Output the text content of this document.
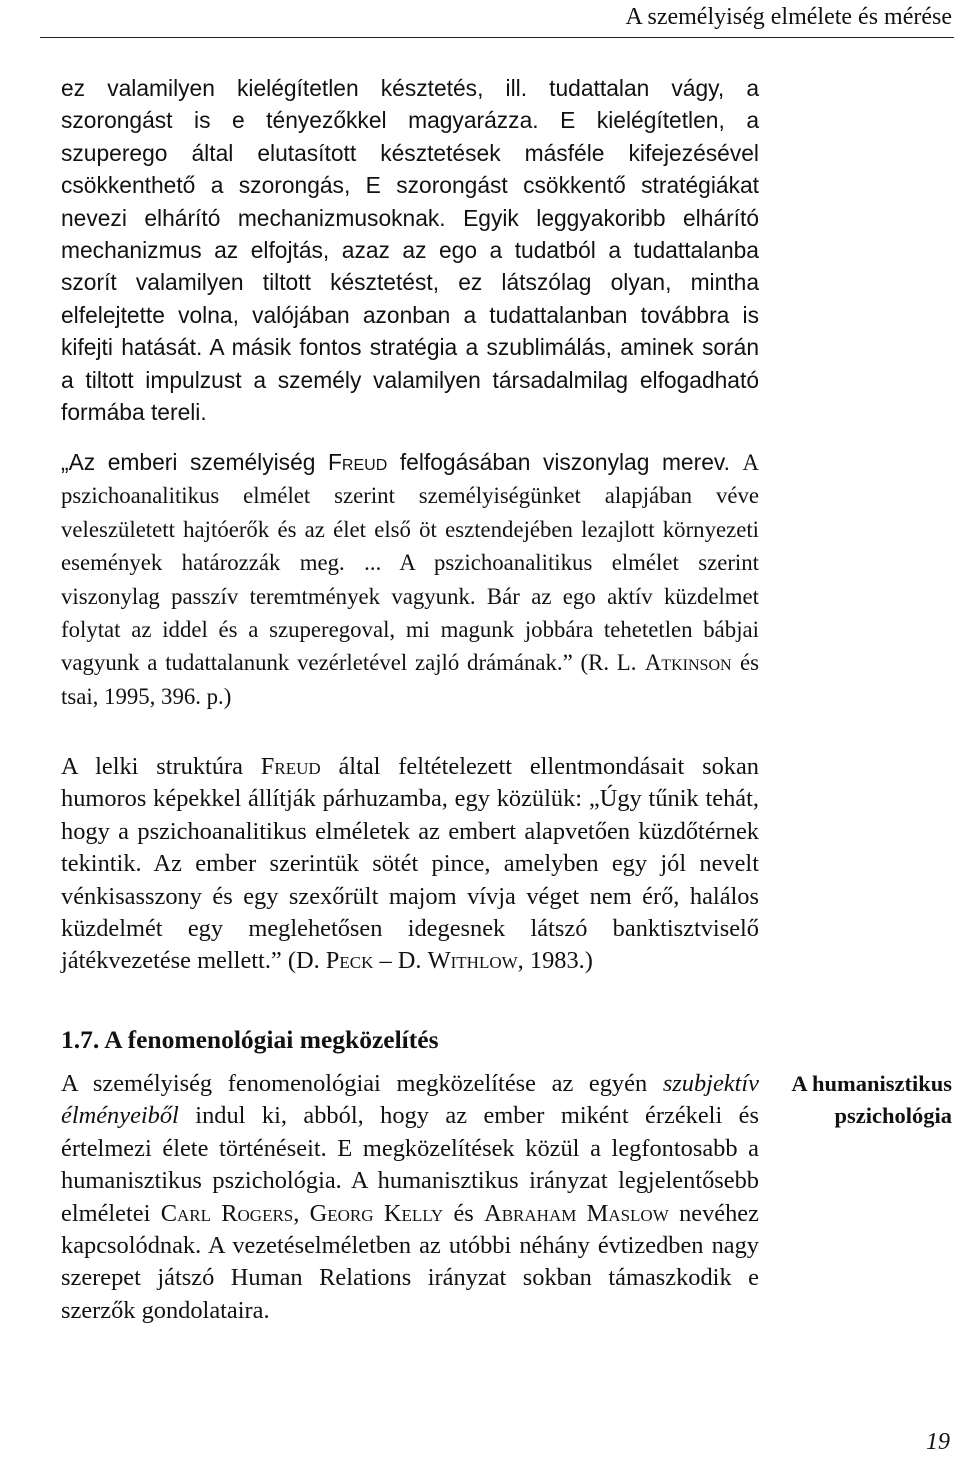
A személyiség elmélete és mérése

ez valamilyen kielégítetlen késztetés, ill. tudattalan vágy, a szorongást is e tényezőkkel magyarázza. E kielégítetlen, a szuperego által elutasított késztetések másféle kifejezésével csökkenthető a szorongás, E szorongást csökkentő stratégiákat nevezi elhárító mechanizmusoknak. Egyik leggyakoribb elhárító mechanizmus az elfojtás, azaz az ego a tudatból a tudattalanba szorít valamilyen tiltott késztetést, ez látszólag olyan, mintha elfelejtette volna, valójában azonban a tudattalanban továbbra is kifejti hatását. A másik fontos stratégia a szublimálás, aminek során a tiltott impulzust a személy valamilyen társadalmilag elfogadható formába tereli.

„Az emberi személyiség Freud felfogásában viszonylag merev. A pszichoanalitikus elmélet szerint személyiségünket alapjában véve veleszületett hajtóerők és az élet első öt esztendejében lezajlott környezeti események határozzák meg. ... A pszichoanalitikus elmélet szerint viszonylag passzív teremtmények vagyunk. Bár az ego aktív küzdelmet folytat az iddel és a szuperegoval, mi magunk jobbára tehetetlen bábjai vagyunk a tudattalanunk vezérletével zajló drámának.” (R. L. Atkinson és tsai, 1995, 396. p.)

A lelki struktúra Freud által feltételezett ellentmondásait sokan humoros képekkel állítják párhuzamba, egy közülük: „Úgy tűnik tehát, hogy a pszichoanalitikus elméletek az embert alapvetően küzdőtérnek tekintik. Az ember szerintük sötét pince, amelyben egy jól nevelt vénkisasszony és egy szexőrült majom vívja véget nem érő, halálos küzdelmét egy meglehetősen idegesnek látszó banktisztviselő játékvezetése mellett.” (D. Peck – D. Withlow, 1983.)

1.7. A fenomenológiai megközelítés

A humanisztikus pszichológia

A személyiség fenomenológiai megközelítése az egyén szubjektív élményeiből indul ki, abból, hogy az ember miként érzékeli és értelmezi élete történéseit. E megközelítések közül a legfontosabb a humanisztikus pszichológia. A humanisztikus irányzat legjelentősebb elméletei Carl Rogers, Georg Kelly és Abraham Maslow nevéhez kapcsolódnak. A vezetéselméletben az utóbbi néhány évtizedben nagy szerepet játszó Human Relations irányzat sokban támaszkodik e szerzők gondolataira.

19
